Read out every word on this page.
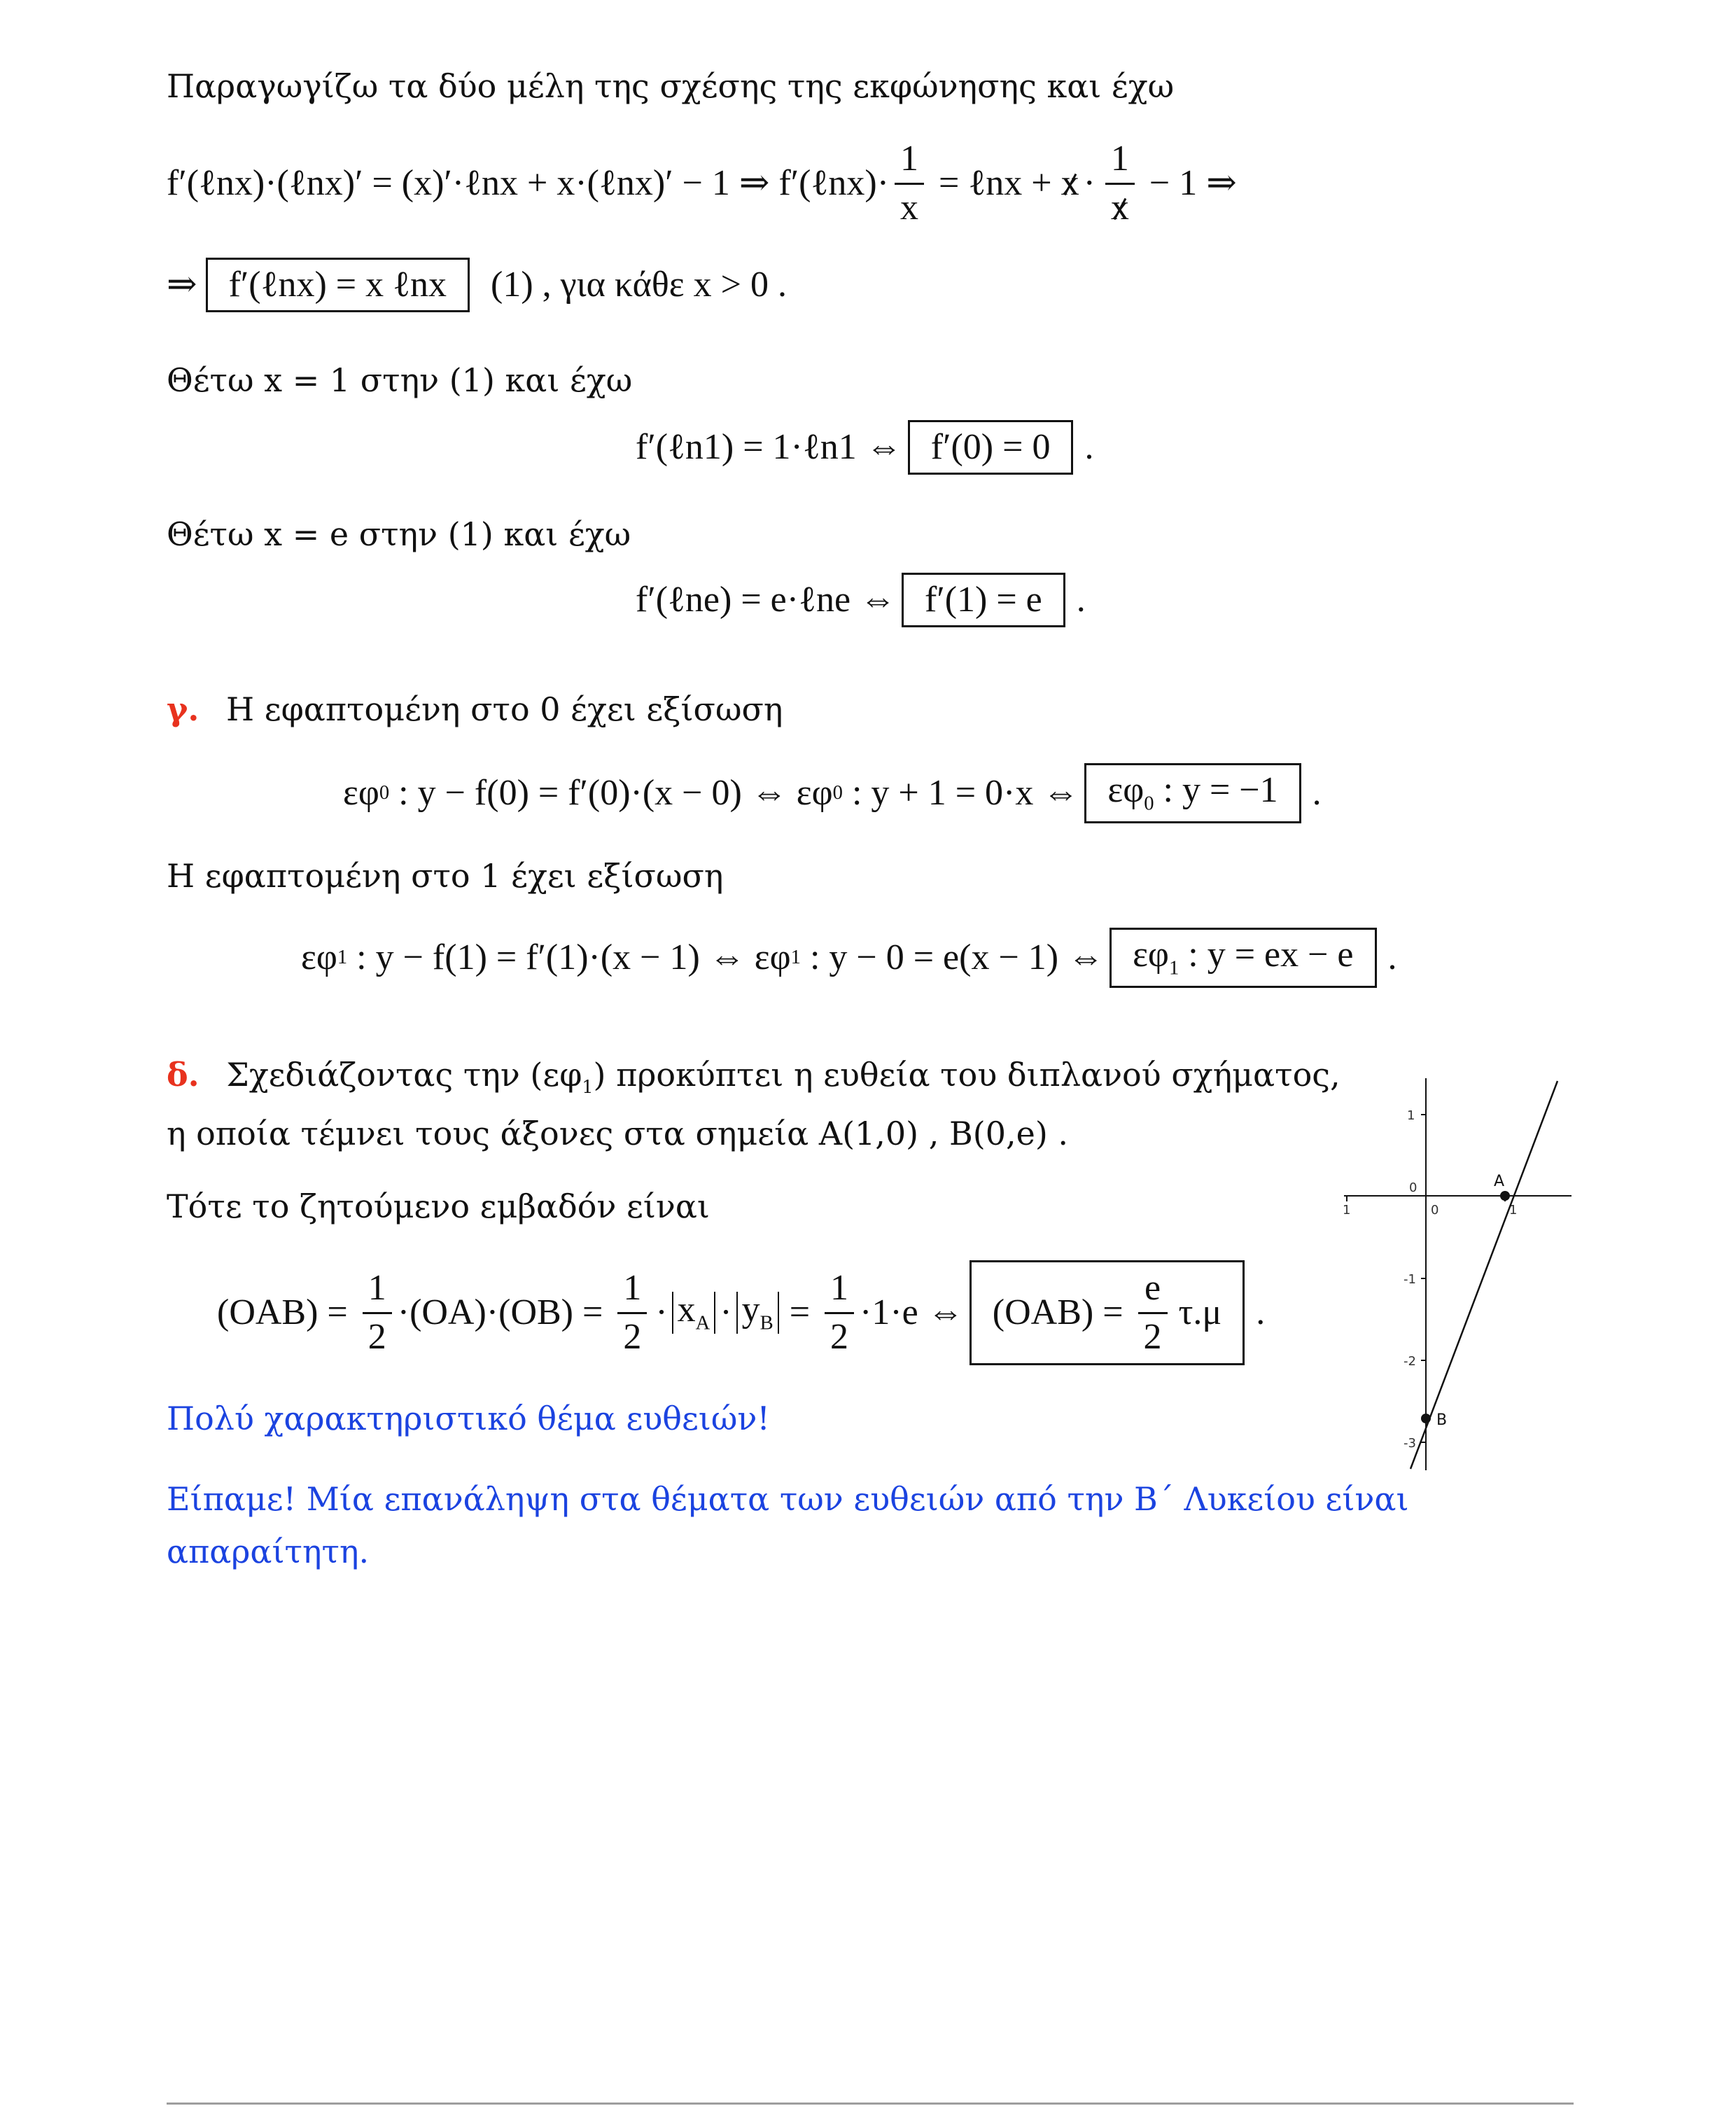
Παραγωγίζω τα δύο μέλη της σχέσης της εκφώνησης και έχω
f′(ℓnx)·(ℓnx)′ = (x)′·ℓnx + x·(ℓnx)′ − 1 ⇒ f′(ℓnx)· $\frac{1}{x}$ = ℓnx + $x \cdot \frac{1}{x} - 1$ ⇒
⇒ f′(ℓnx) = x ℓnx	(1) , για κάθε x > 0 .
Θέτω x = 1 στην (1) και έχω
f′(ℓn1) = 1·ℓn1 ⇔ f′(0) = 0 .
Θέτω x = e στην (1) και έχω
f′(ℓne) = e·ℓne ⇔ f′(1) = e .
γ. Η εφαπτομένη στο 0 έχει εξίσωση
εφ 0 : y − f(0) = f′(0)·(x − 0) ⇔ εφ 0 : y + 1 = 0·x ⇔ $\varepsilon\varphi_0$ : y = −1 .
Η εφαπτομένη στο 1 έχει εξίσωση
εφ 1 : y − f(1) = f′(1)·(x − 1) ⇔ εφ 1 : y − 0 = e(x − 1) ⇔ $\varepsilon\varphi_1$ : y = ex − e .
δ. Σχεδιάζοντας την $(\varepsilon\varphi_1)$ προκύπτει η ευθεία του διπλανού σχήματος,
η οποία τέμνει τους άξονες στα σημεία A(1,0) , B(0,e) .
Τότε το ζητούμενο εμβαδόν είναι
$(OAB) = \frac{1}{2} \cdot(OA)\cdot(OB) = \frac{1}{2} \cdot x_A \cdot y_B = \frac{1}{2} \cdot 1\cdot e$ ⇔ $(OAB) = \frac{e}{2} \tau.\mu$ .
Πολύ χαρακτηριστικό θέμα ευθειών!
Είπαμε! Μία επανάληψη στα θέματα των ευθειών από την Β΄ Λυκείου είναι
απαραίτητη.
1
0
-1
-2
-3
1	0	1
A
B
